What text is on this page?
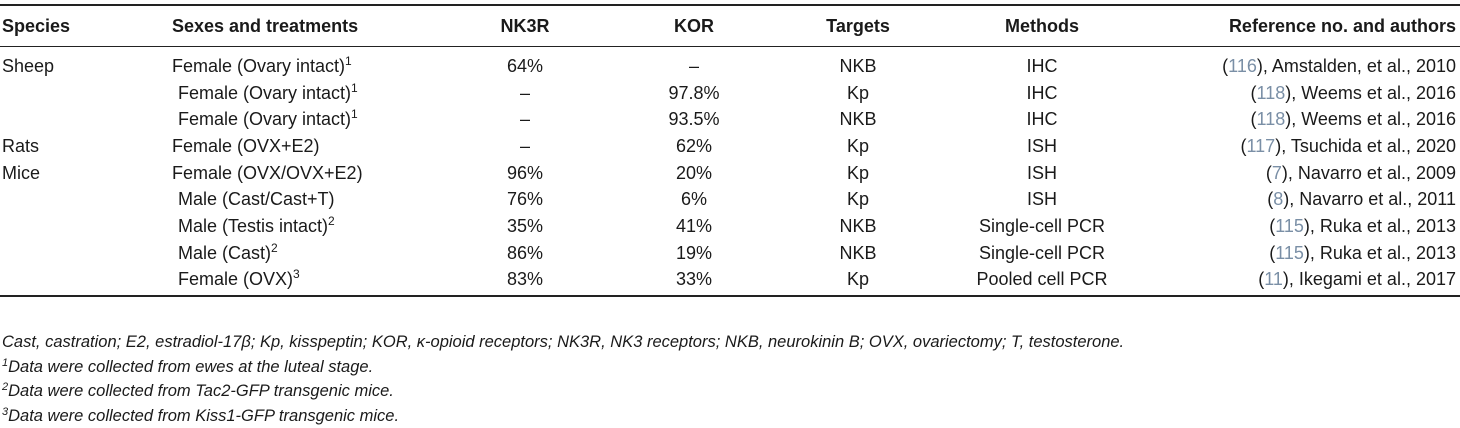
Species	Sexes and treatments	NK3R	KOR	Targets	Methods	Reference no. and authors
Sheep	Female (Ovary intact)$^1$	64%	–	NKB	IHC	(116), Amstalden, et al., 2010
	Female (Ovary intact)$^1$	–	97.8%	Kp	IHC	(118), Weems et al., 2016
	Female (Ovary intact)$^1$	–	93.5%	NKB	IHC	(118), Weems et al., 2016
Rats	Female (OVX+E2)	–	62%	Kp	ISH	(117), Tsuchida et al., 2020
Mice	Female (OVX/OVX+E2)	96%	20%	Kp	ISH	(7), Navarro et al., 2009
	Male (Cast/Cast+T)	76%	6%	Kp	ISH	(8), Navarro et al., 2011
	Male (Testis intact)$^2$	35%	41%	NKB	Single-cell PCR	(115), Ruka et al., 2013
	Male (Cast)$^2$	86%	19%	NKB	Single-cell PCR	(115), Ruka et al., 2013
	Female (OVX)$^3$	83%	33%	Kp	Pooled cell PCR	(11), Ikegami et al., 2017
Cast, castration; E2, estradiol-17β; Kp, kisspeptin; KOR, κ-opioid receptors; NK3R, NK3 receptors; NKB, neurokinin B; OVX, ovariectomy; T, testosterone.
$^1$Data were collected from ewes at the luteal stage.
$^2$Data were collected from Tac2-GFP transgenic mice.
$^3$Data were collected from Kiss1-GFP transgenic mice.
